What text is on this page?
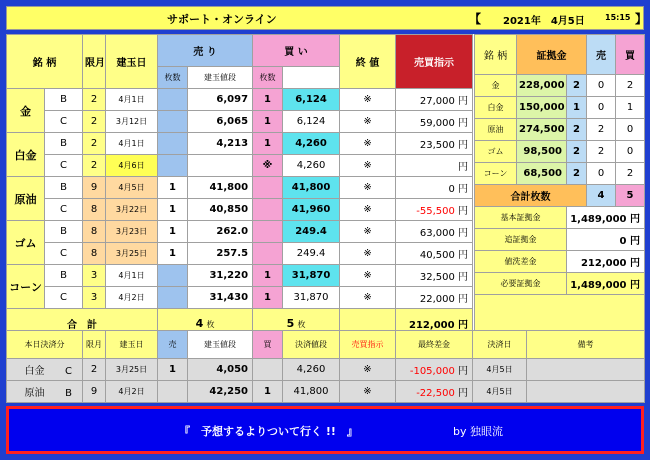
サポート・オンライン	【 2021年　4月5日	15:15 】
銘 柄		限月	建玉日	売 り		買 い		終 値	売買指示	
				枚数	建玉値段	枚数				
金	B	2	4月1日		6,097	1	6,124	※	27,000 円	
	C	2	3月12日		6,065	1	6,124	※	59,000 円	
白金	B	2	4月1日		4,213	1	4,260	※	23,500 円	
	C	2	4月6日			※	4,260	※	円	
原油	B	9	4月5日	1	41,800		41,800	※	0 円	
	C	8	3月22日	1	40,850		41,960	※	-55,500 円	
ゴム	B	8	3月23日	1	262.0		249.4	※	63,000 円	
	C	8	3月25日	1	257.5		249.4	※	40,500 円	
コーン	B	3	4月1日		31,220	1	31,870	※	32,500 円	
	C	3	4月2日		31,430	1	31,870	※	22,000 円	
合　計				4 枚		5 枚			212,000 円	
銘 柄	証拠金		売	買
金	228,000	2	0	2
白金	150,000	1	0	1
原油	274,500	2	2	0
ゴム	98,500	2	2	0
コーン	68,500	2	0	2
合計枚数			4	5
基本証拠金		1,489,000 円		
追証拠金		0 円		
値洗差金		212,000 円		
必要証拠金		1,489,000 円		

本日決済分	限月	建玉日	売	建玉値段	買	決済値段	売買指示	最終差金	決済日	備考
白金 C	2	3月25日	1	4,050		4,260	※	-105,000 円	4月5日	
原油 B	9	4月2日		42,250	1	41,800	※	-22,500 円	4月5日	
『　予想するよりついて行く !!　』	by 独眼流
